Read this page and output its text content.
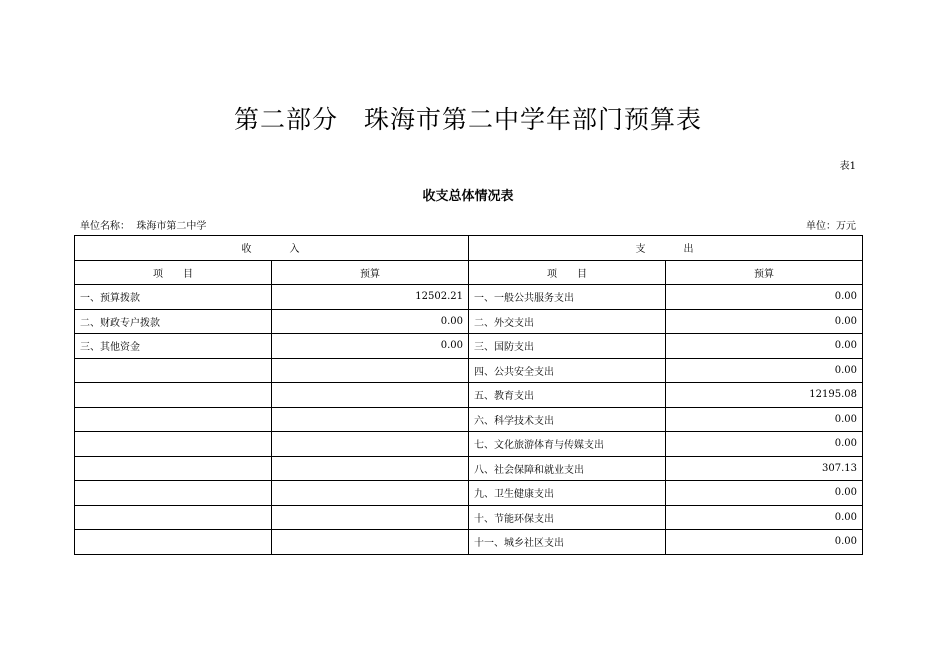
第二部分　珠海市第二中学年部门预算表
表1
收支总体情况表
单位名称：  珠海市第二中学	单位：万元
收　　　入		支　　　出	
项　　目	预算	项　　目	预算
一、预算拨款	12502.21	一、一般公共服务支出	0.00
二、财政专户拨款	0.00	二、外交支出	0.00
三、其他资金	0.00	三、国防支出	0.00
		四、公共安全支出	0.00
		五、教育支出	12195.08
		六、科学技术支出	0.00
		七、文化旅游体育与传媒支出	0.00
		八、社会保障和就业支出	307.13
		九、卫生健康支出	0.00
		十、节能环保支出	0.00
		十一、城乡社区支出	0.00
